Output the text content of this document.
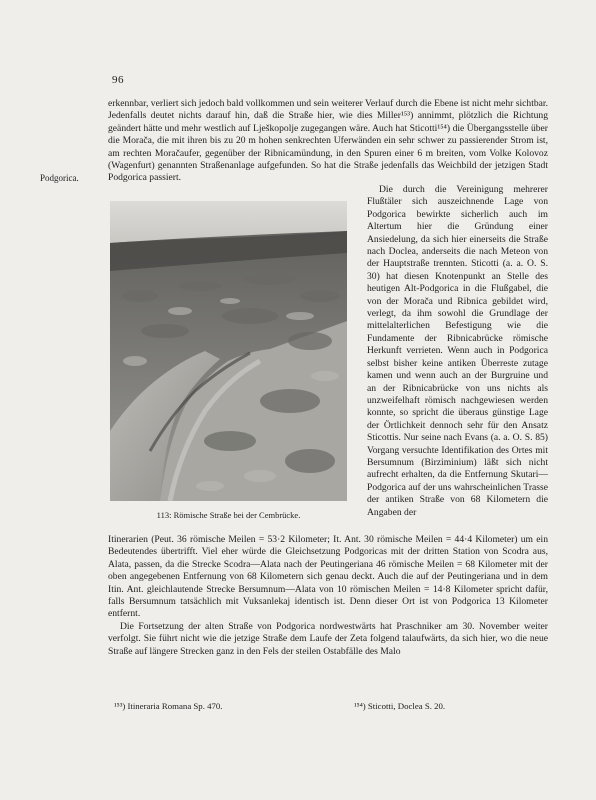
96

erkennbar, verliert sich jedoch bald vollkommen und sein weiterer Verlauf durch die Ebene ist nicht mehr sichtbar. Jedenfalls deutet nichts darauf hin, daß die Straße hier, wie dies Miller¹⁵³) annimmt, plötzlich die Richtung geändert hätte und mehr westlich auf Lješkopolje zugegangen wäre. Auch hat Sticotti¹⁵⁴) die Übergangsstelle über die Morača, die mit ihren bis zu 20 m hohen senkrechten Uferwänden ein sehr schwer zu passierender Strom ist, am rechten Moračaufer, gegenüber der Ribnicamündung, in den Spuren einer 6 m breiten, vom Volke Kolovoz (Wagenfurt) genannten Straßenanlage aufgefunden. So hat die Straße jedenfalls das Weichbild der jetzigen Stadt Podgorica passiert.

Podgorica.
113: Römische Straße bei der Cembrücke.

Die durch die Vereinigung mehrerer Flußtäler sich auszeichnende Lage von Podgorica bewirkte sicherlich auch im Altertum hier die Gründung einer Ansiedelung, da sich hier einerseits die Straße nach Doclea, anderseits die nach Meteon von der Hauptstraße trennten. Sticotti (a. a. O. S. 30) hat diesen Knotenpunkt an Stelle des heutigen Alt-Podgorica in die Flußgabel, die von der Morača und Ribnica gebildet wird, verlegt, da ihm sowohl die Grundlage der mittelalterlichen Befestigung wie die Fundamente der Ribnicabrücke römische Herkunft verrieten. Wenn auch in Podgorica selbst bisher keine antiken Überreste zutage kamen und wenn auch an der Burgruine und an der Ribnicabrücke von uns nichts als unzweifelhaft römisch nachgewiesen werden konnte, so spricht die überaus günstige Lage der Örtlichkeit dennoch sehr für den Ansatz Sticottis. Nur seine nach Evans (a. a. O. S. 85) Vorgang versuchte Identifikation des Ortes mit Bersumnum (Birziminium) läßt sich nicht aufrecht erhalten, da die Entfernung Skutari—Podgorica auf der uns wahrscheinlichen Trasse der antiken Straße von 68 Kilometern die Angaben der

Itinerarien (Peut. 36 römische Meilen = 53·2 Kilometer; It. Ant. 30 römische Meilen = 44·4 Kilometer) um ein Bedeutendes übertrifft. Viel eher würde die Gleichsetzung Podgoricas mit der dritten Station von Scodra aus, Alata, passen, da die Strecke Scodra—Alata nach der Peutingeriana 46 römische Meilen = 68 Kilometer mit der oben angegebenen Entfernung von 68 Kilometern sich genau deckt. Auch die auf der Peutingeriana und in dem Itin. Ant. gleichlautende Strecke Bersumnum—Alata von 10 römischen Meilen = 14·8 Kilometer spricht dafür, falls Bersumnum tatsächlich mit Vuksanlekaj identisch ist. Denn dieser Ort ist von Podgorica 13 Kilometer entfernt.

Die Fortsetzung der alten Straße von Podgorica nordwestwärts hat Praschniker am 30. November weiter verfolgt. Sie führt nicht wie die jetzige Straße dem Laufe der Zeta folgend talaufwärts, da sich hier, wo die neue Straße auf längere Strecken ganz in den Fels der steilen Ostabfälle des Malo

¹⁵³) Itineraria Romana Sp. 470.	¹⁵⁴) Sticotti, Doclea S. 20.
